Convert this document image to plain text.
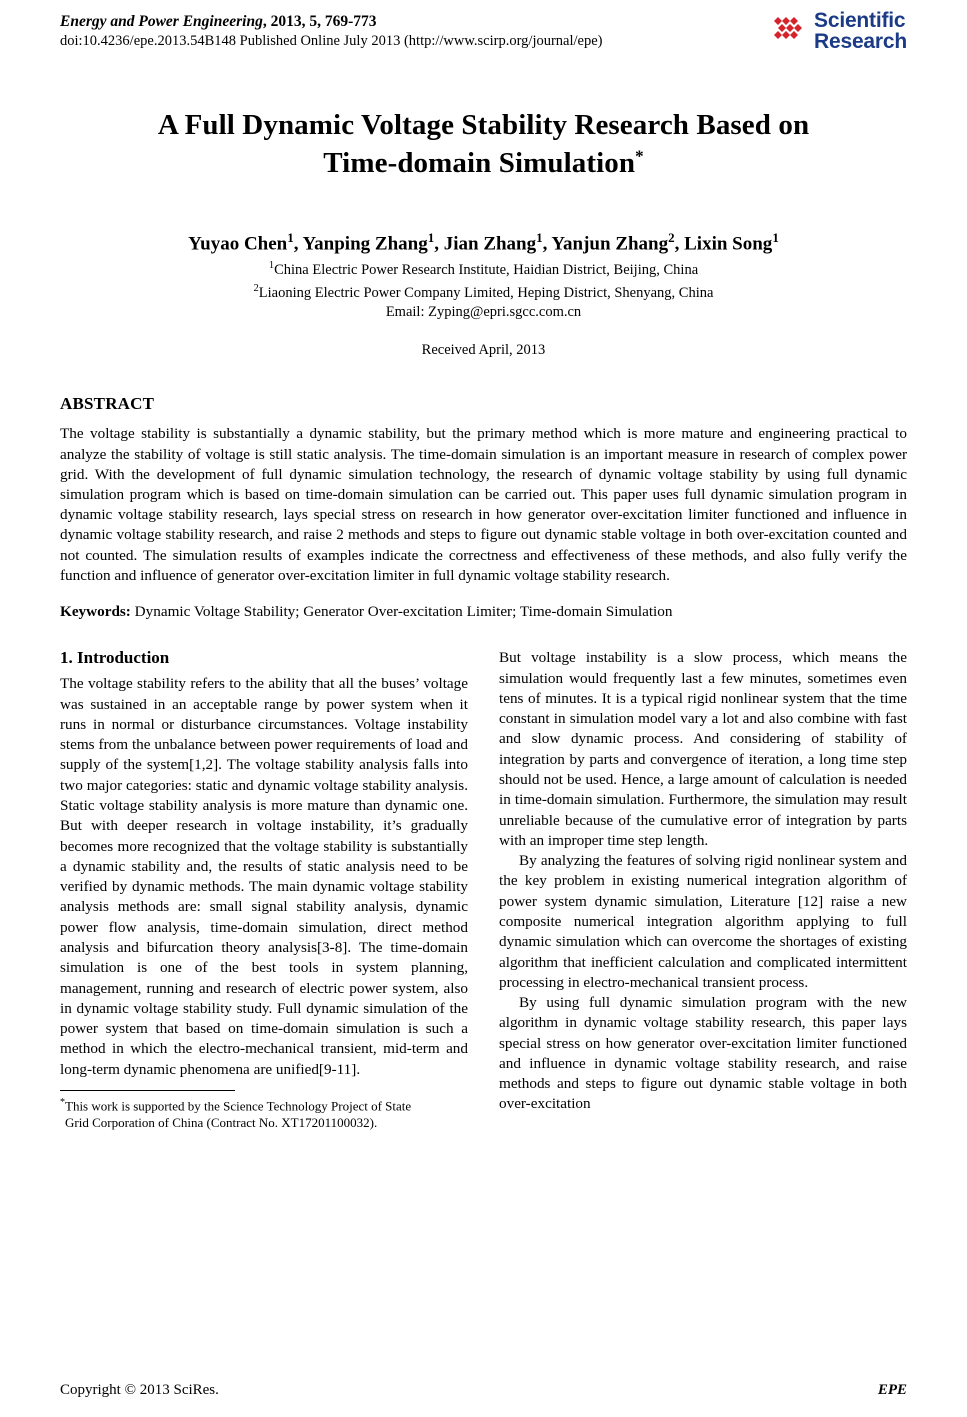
Energy and Power Engineering, 2013, 5, 769-773
doi:10.4236/epe.2013.54B148 Published Online July 2013 (http://www.scirp.org/journal/epe)
Scientific
Research
A Full Dynamic Voltage Stability Research Based on
Time-domain Simulation*
Yuyao Chen$^1$, Yanping Zhang$^1$, Jian Zhang$^1$, Yanjun Zhang$^2$, Lixin Song$^1$
$^1$China Electric Power Research Institute, Haidian District, Beijing, China
$^2$Liaoning Electric Power Company Limited, Heping District, Shenyang, China
Email: Zyping@epri.sgcc.com.cn
Received April, 2013
ABSTRACT
The voltage stability is substantially a dynamic stability, but the primary method which is more mature and engineering practical to analyze the stability of voltage is still static analysis. The time-domain simulation is an important measure in research of complex power grid. With the development of full dynamic simulation technology, the research of dynamic voltage stability by using full dynamic simulation program which is based on time-domain simulation can be carried out. This paper uses full dynamic simulation program in dynamic voltage stability research, lays special stress on research in how generator over-excitation limiter functioned and influence in dynamic voltage stability research, and raise 2 methods and steps to figure out dynamic stable voltage in both over-excitation counted and not counted. The simulation results of examples indicate the correctness and effectiveness of these methods, and also fully verify the function and influence of generator over-excitation limiter in full dynamic voltage stability research.
Keywords: Dynamic Voltage Stability; Generator Over-excitation Limiter; Time-domain Simulation
1. Introduction

The voltage stability refers to the ability that all the buses’ voltage was sustained in an acceptable range by power system when it runs in normal or disturbance circumstances. Voltage instability stems from the unbalance between power requirements of load and supply of the system[1,2]. The voltage stability analysis falls into two major categories: static and dynamic voltage stability analysis. Static voltage stability analysis is more mature than dynamic one. But with deeper research in voltage instability, it’s gradually becomes more recognized that the voltage stability is substantially a dynamic stability and, the results of static analysis need to be verified by dynamic methods. The main dynamic voltage stability analysis methods are: small signal stability analysis, dynamic power flow analysis, time-domain simulation, direct method analysis and bifurcation theory analysis[3-8]. The time-domain simulation is one of the best tools in system planning, management, running and research of electric power system, also in dynamic voltage stability study. Full dynamic simulation of the power system that based on time-domain simulation is such a method in which the electro-mechanical transient, mid-term and long-term dynamic phenomena are unified[9-11].

*This work is supported by the Science Technology Project of State
Grid Corporation of China (Contract No. XT17201100032).

But voltage instability is a slow process, which means the simulation would frequently last a few minutes, sometimes even tens of minutes. It is a typical rigid nonlinear system that the time constant in simulation model vary a lot and also combine with fast and slow dynamic process. And considering of stability of integration by parts and convergence of iteration, a long time step should not be used. Hence, a large amount of calculation is needed in time-domain simulation. Furthermore, the simulation may result unreliable because of the cumulative error of integration by parts with an improper time step length.

By analyzing the features of solving rigid nonlinear system and the key problem in existing numerical integration algorithm of power system dynamic simulation, Literature [12] raise a new composite numerical integration algorithm applying to full dynamic simulation which can overcome the shortages of existing algorithm that inefficient calculation and complicated intermittent processing in electro-mechanical transient process.

By using full dynamic simulation program with the new algorithm in dynamic voltage stability research, this paper lays special stress on how generator over-excitation limiter functioned and influence in dynamic voltage stability research, and raise methods and steps to figure out dynamic stable voltage in both over-excitation

Copyright © 2013 SciRes.	EPE
